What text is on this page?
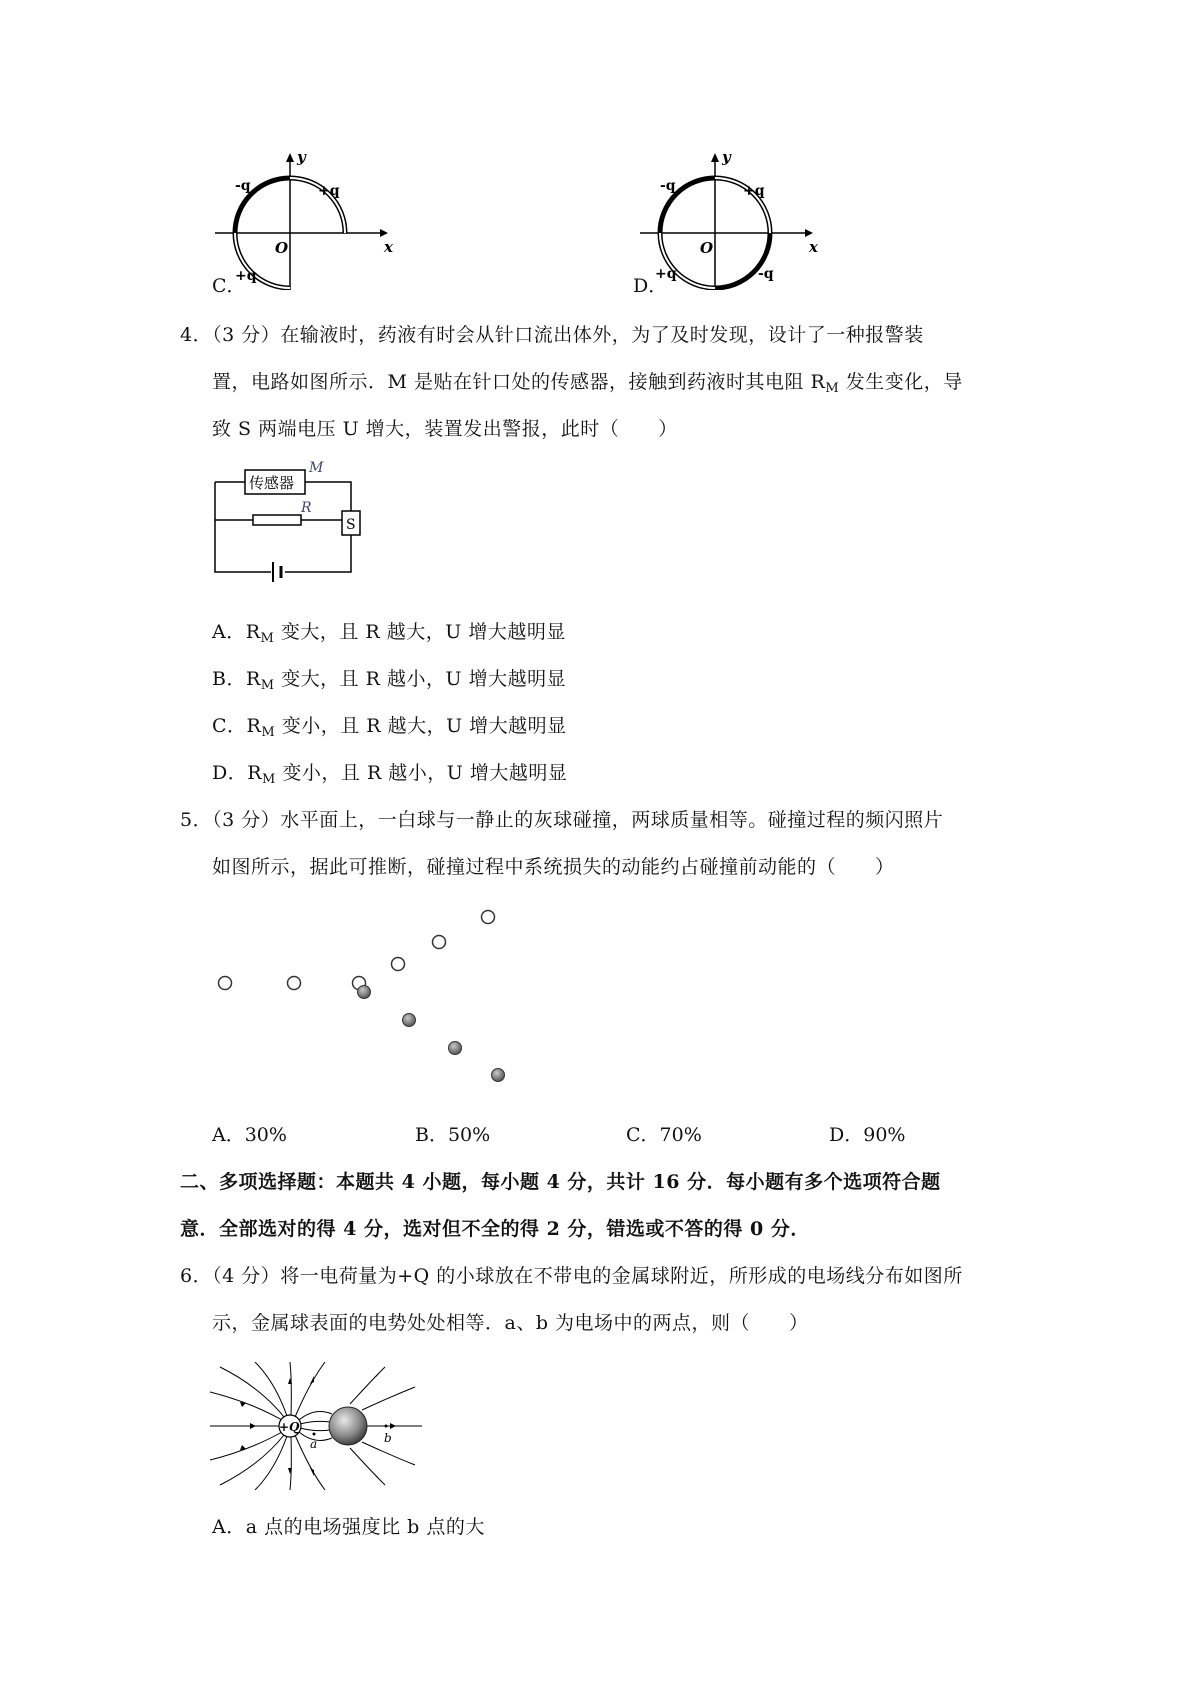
y
x
O
-q	+q
+q
C．
y
x
O
-q	+q
+q	-q
D．
4．（3 分）在输液时，药液有时会从针口流出体外，为了及时发现，设计了一种报警装
置，电路如图所示．M 是贴在针口处的传感器，接触到药液时其电阻 $R_M$ 发生变化，导
致 S 两端电压 U 增大，装置发出警报，此时（　　）
传感器
M
R
S
A．$R_M$ 变大，且 R 越大，U 增大越明显
B．$R_M$ 变大，且 R 越小，U 增大越明显
C．$R_M$ 变小，且 R 越大，U 增大越明显
D．$R_M$ 变小，且 R 越小，U 增大越明显
5．（3 分）水平面上，一白球与一静止的灰球碰撞，两球质量相等。碰撞过程的频闪照片
如图所示，据此可推断，碰撞过程中系统损失的动能约占碰撞前动能的（　　）
A．30%	B．50%	C．70%	D．90%
二、多项选择题：本题共 4 小题，每小题 4 分，共计 16 分．每小题有多个选项符合题
意．全部选对的得 4 分，选对但不全的得 2 分，错选或不答的得 0 分．
6．（4 分）将一电荷量为+Q 的小球放在不带电的金属球附近，所形成的电场线分布如图所
示，金属球表面的电势处处相等．a、b 为电场中的两点，则（　　）
+Q
a	b
A．a 点的电场强度比 b 点的大
